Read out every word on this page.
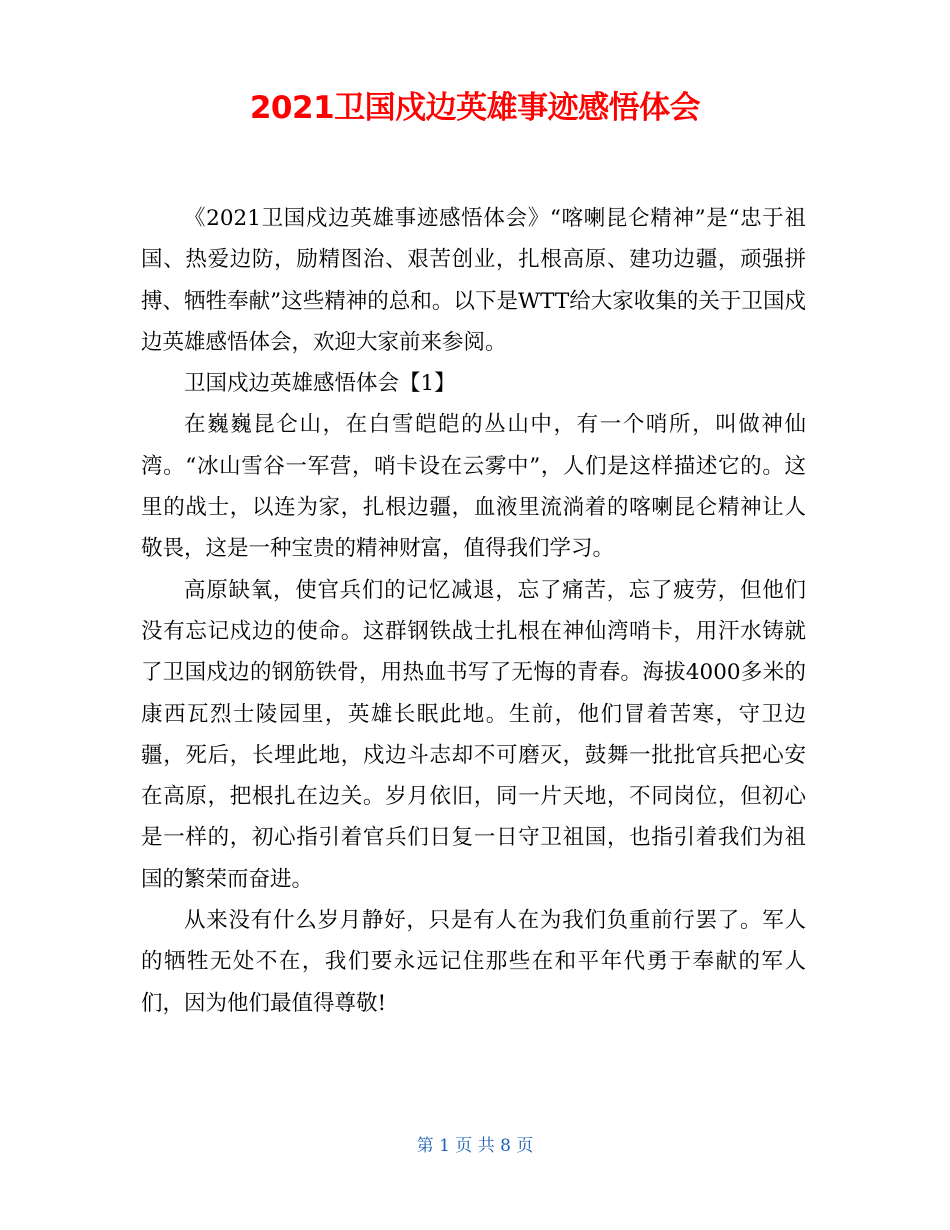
2021卫国戍边英雄事迹感悟体会

《2021卫国戍边英雄事迹感悟体会》“喀喇昆仑精神”是“忠于祖国、热爱边防，励精图治、艰苦创业，扎根高原、建功边疆，顽强拼搏、牺牲奉献”这些精神的总和。以下是WTT给大家收集的关于卫国戍边英雄感悟体会，欢迎大家前来参阅。

卫国戍边英雄感悟体会【1】

在巍巍昆仑山，在白雪皑皑的丛山中，有一个哨所，叫做神仙湾。“冰山雪谷一军营，哨卡设在云雾中”，人们是这样描述它的。这里的战士，以连为家，扎根边疆，血液里流淌着的喀喇昆仑精神让人敬畏，这是一种宝贵的精神财富，值得我们学习。

高原缺氧，使官兵们的记忆减退，忘了痛苦，忘了疲劳，但他们没有忘记戍边的使命。这群钢铁战士扎根在神仙湾哨卡，用汗水铸就了卫国戍边的钢筋铁骨，用热血书写了无悔的青春。海拔4000多米的康西瓦烈士陵园里，英雄长眠此地。生前，他们冒着苦寒，守卫边疆，死后，长埋此地，戍边斗志却不可磨灭，鼓舞一批批官兵把心安在高原，把根扎在边关。岁月依旧，同一片天地，不同岗位，但初心是一样的，初心指引着官兵们日复一日守卫祖国，也指引着我们为祖国的繁荣而奋进。

从来没有什么岁月静好，只是有人在为我们负重前行罢了。军人的牺牲无处不在，我们要永远记住那些在和平年代勇于奉献的军人们，因为他们最值得尊敬!

第 1 页 共 8 页
